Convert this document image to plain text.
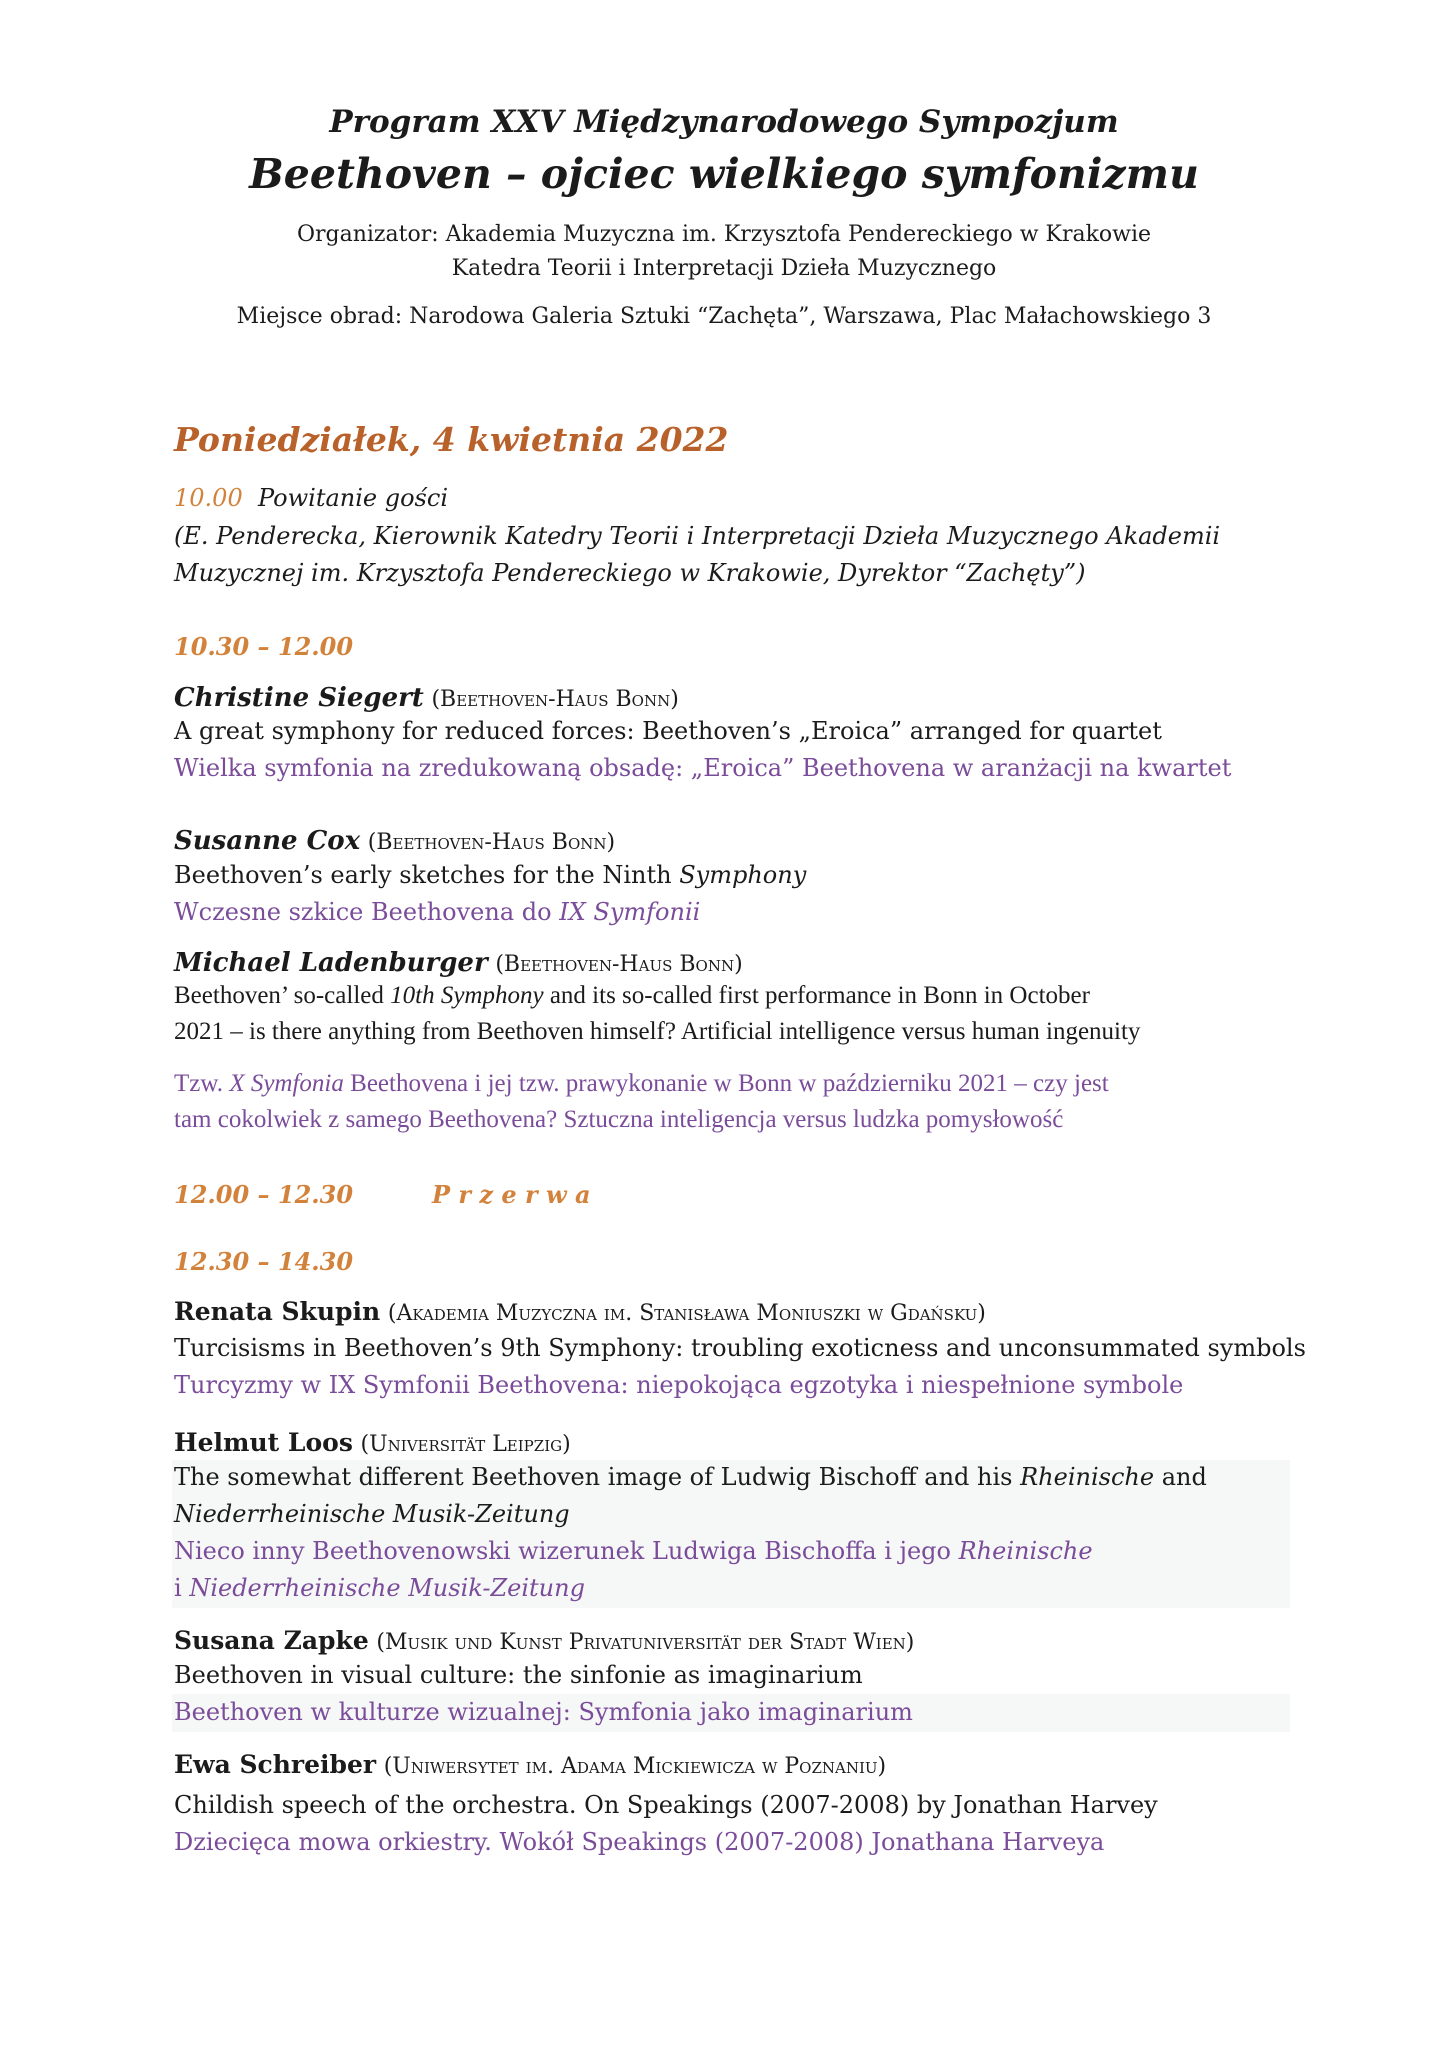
Program XXV Międzynarodowego Sympozjum
Beethoven – ojciec wielkiego symfonizmu
Organizator: Akademia Muzyczna im. Krzysztofa Pendereckiego w Krakowie
Katedra Teorii i Interpretacji Dzieła Muzycznego
Miejsce obrad: Narodowa Galeria Sztuki “Zachęta”, Warszawa, Plac Małachowskiego 3
Poniedziałek, 4 kwietnia 2022
10.00 Powitanie gości
(E. Penderecka, Kierownik Katedry Teorii i Interpretacji Dzieła Muzycznego Akademii
Muzycznej im. Krzysztofa Pendereckiego w Krakowie, Dyrektor “Zachęty”)
10.30 – 12.00
Christine Siegert (Beethoven-Haus Bonn)
A great symphony for reduced forces: Beethoven’s „Eroica” arranged for quartet
Wielka symfonia na zredukowaną obsadę: „Eroica” Beethovena w aranżacji na kwartet
Susanne Cox (Beethoven-Haus Bonn)
Beethoven’s early sketches for the Ninth Symphony
Wczesne szkice Beethovena do IX Symfonii
Michael Ladenburger (Beethoven-Haus Bonn)
Beethoven’ so-called 10th Symphony and its so-called first performance in Bonn in October
2021 – is there anything from Beethoven himself? Artificial intelligence versus human ingenuity
Tzw. X Symfonia Beethovena i jej tzw. prawykonanie w Bonn w październiku 2021 – czy jest
tam cokolwiek z samego Beethovena? Sztuczna inteligencja versus ludzka pomysłowość
12.00 – 12.30	P r z e r w a
12.30 – 14.30
Renata Skupin (Akademia Muzyczna im. Stanisława Moniuszki w Gdańsku)
Turcisisms in Beethoven’s 9th Symphony: troubling exoticness and unconsummated symbols
Turcyzmy w IX Symfonii Beethovena: niepokojąca egzotyka i niespełnione symbole
Helmut Loos (Universität Leipzig)
The somewhat different Beethoven image of Ludwig Bischoff and his Rheinische and
Niederrheinische Musik-Zeitung
Nieco inny Beethovenowski wizerunek Ludwiga Bischoffa i jego Rheinische
i Niederrheinische Musik-Zeitung
Susana Zapke (Musik und Kunst Privatuniversität der Stadt Wien)
Beethoven in visual culture: the sinfonie as imaginarium
Beethoven w kulturze wizualnej: Symfonia jako imaginarium
Ewa Schreiber (Uniwersytet im. Adama Mickiewicza w Poznaniu)
Childish speech of the orchestra. On Speakings (2007-2008) by Jonathan Harvey
Dziecięca mowa orkiestry. Wokół Speakings (2007-2008) Jonathana Harveya
